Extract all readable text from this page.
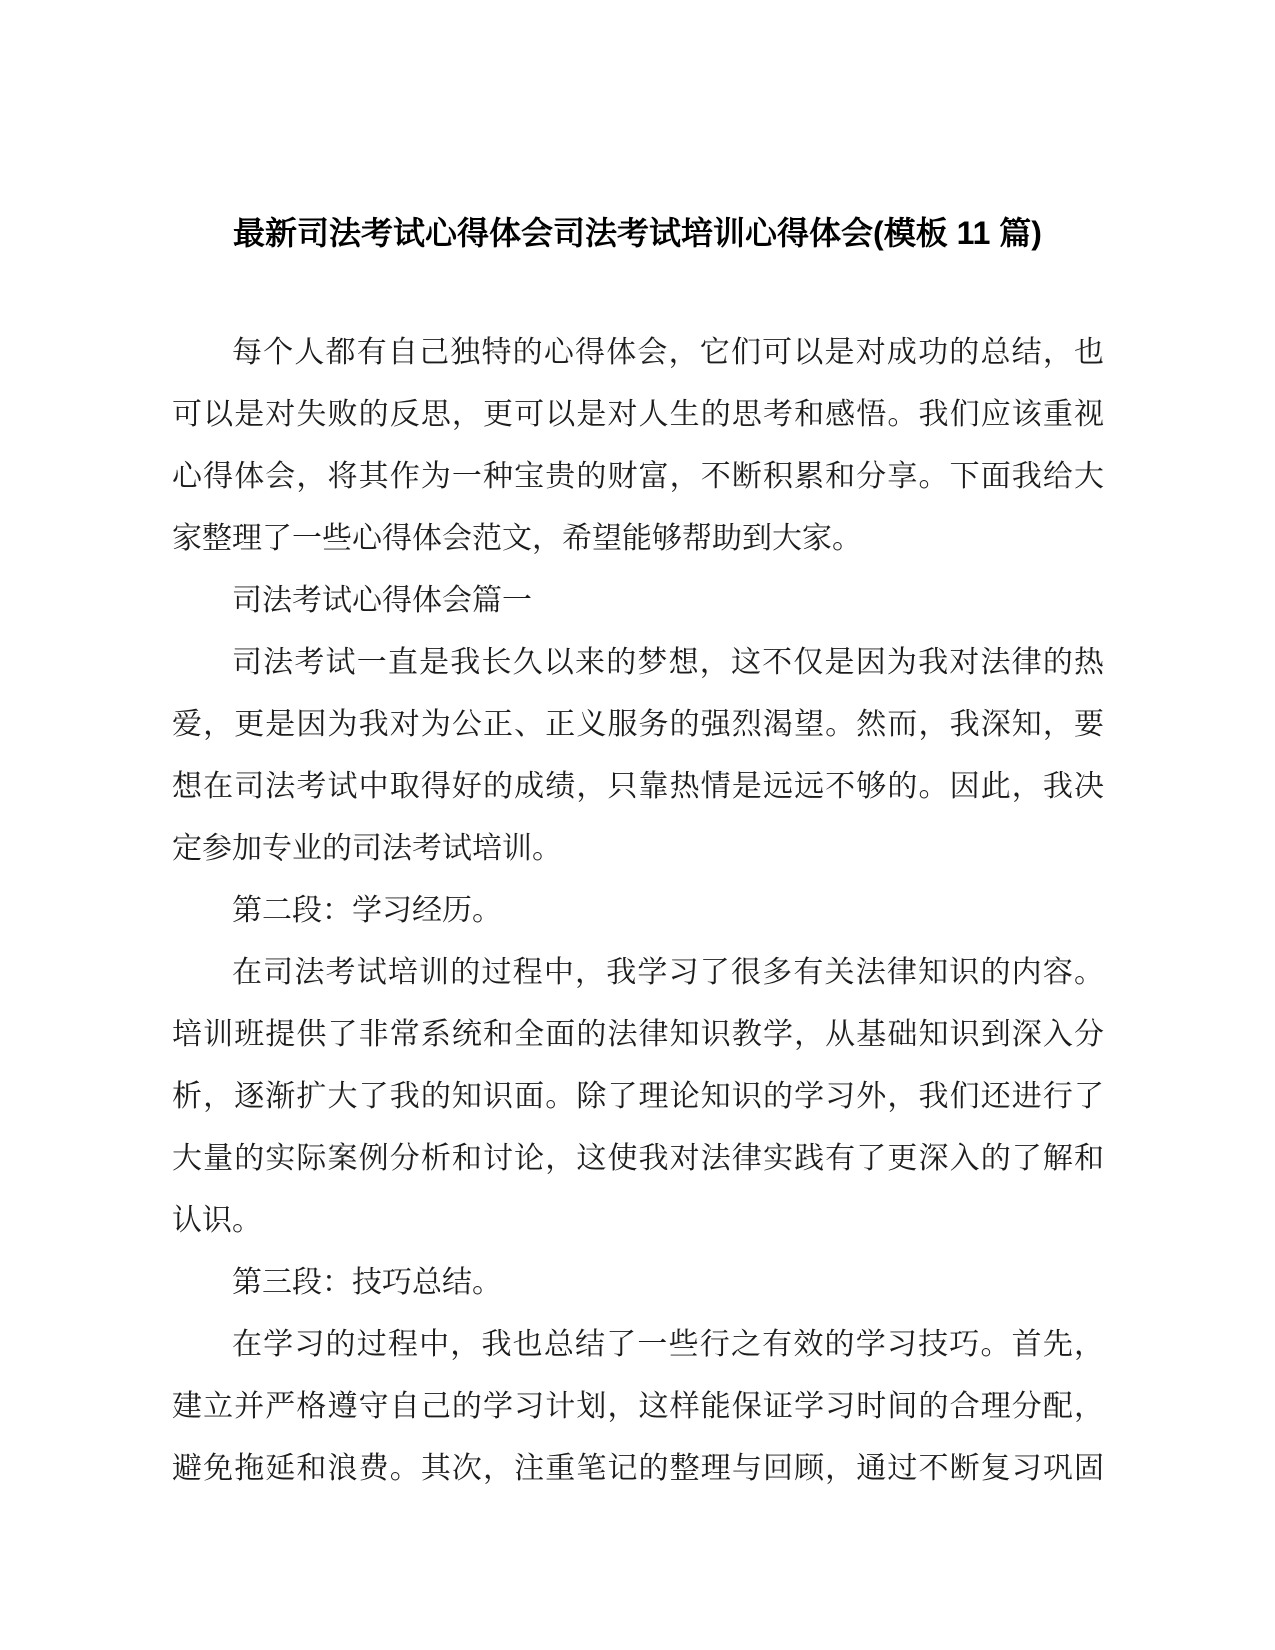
最新司法考试心得体会司法考试培训心得体会(模板 11 篇)
每个人都有自己独特的心得体会，它们可以是对成功的总结，也
可以是对失败的反思，更可以是对人生的思考和感悟。我们应该重视
心得体会，将其作为一种宝贵的财富，不断积累和分享。下面我给大
家整理了一些心得体会范文，希望能够帮助到大家。
司法考试心得体会篇一
司法考试一直是我长久以来的梦想，这不仅是因为我对法律的热
爱，更是因为我对为公正、正义服务的强烈渴望。然而，我深知，要
想在司法考试中取得好的成绩，只靠热情是远远不够的。因此，我决
定参加专业的司法考试培训。
第二段：学习经历。
在司法考试培训的过程中，我学习了很多有关法律知识的内容。
培训班提供了非常系统和全面的法律知识教学，从基础知识到深入分
析，逐渐扩大了我的知识面。除了理论知识的学习外，我们还进行了
大量的实际案例分析和讨论，这使我对法律实践有了更深入的了解和
认识。
第三段：技巧总结。
在学习的过程中，我也总结了一些行之有效的学习技巧。首先，
建立并严格遵守自己的学习计划，这样能保证学习时间的合理分配，
避免拖延和浪费。其次，注重笔记的整理与回顾，通过不断复习巩固
